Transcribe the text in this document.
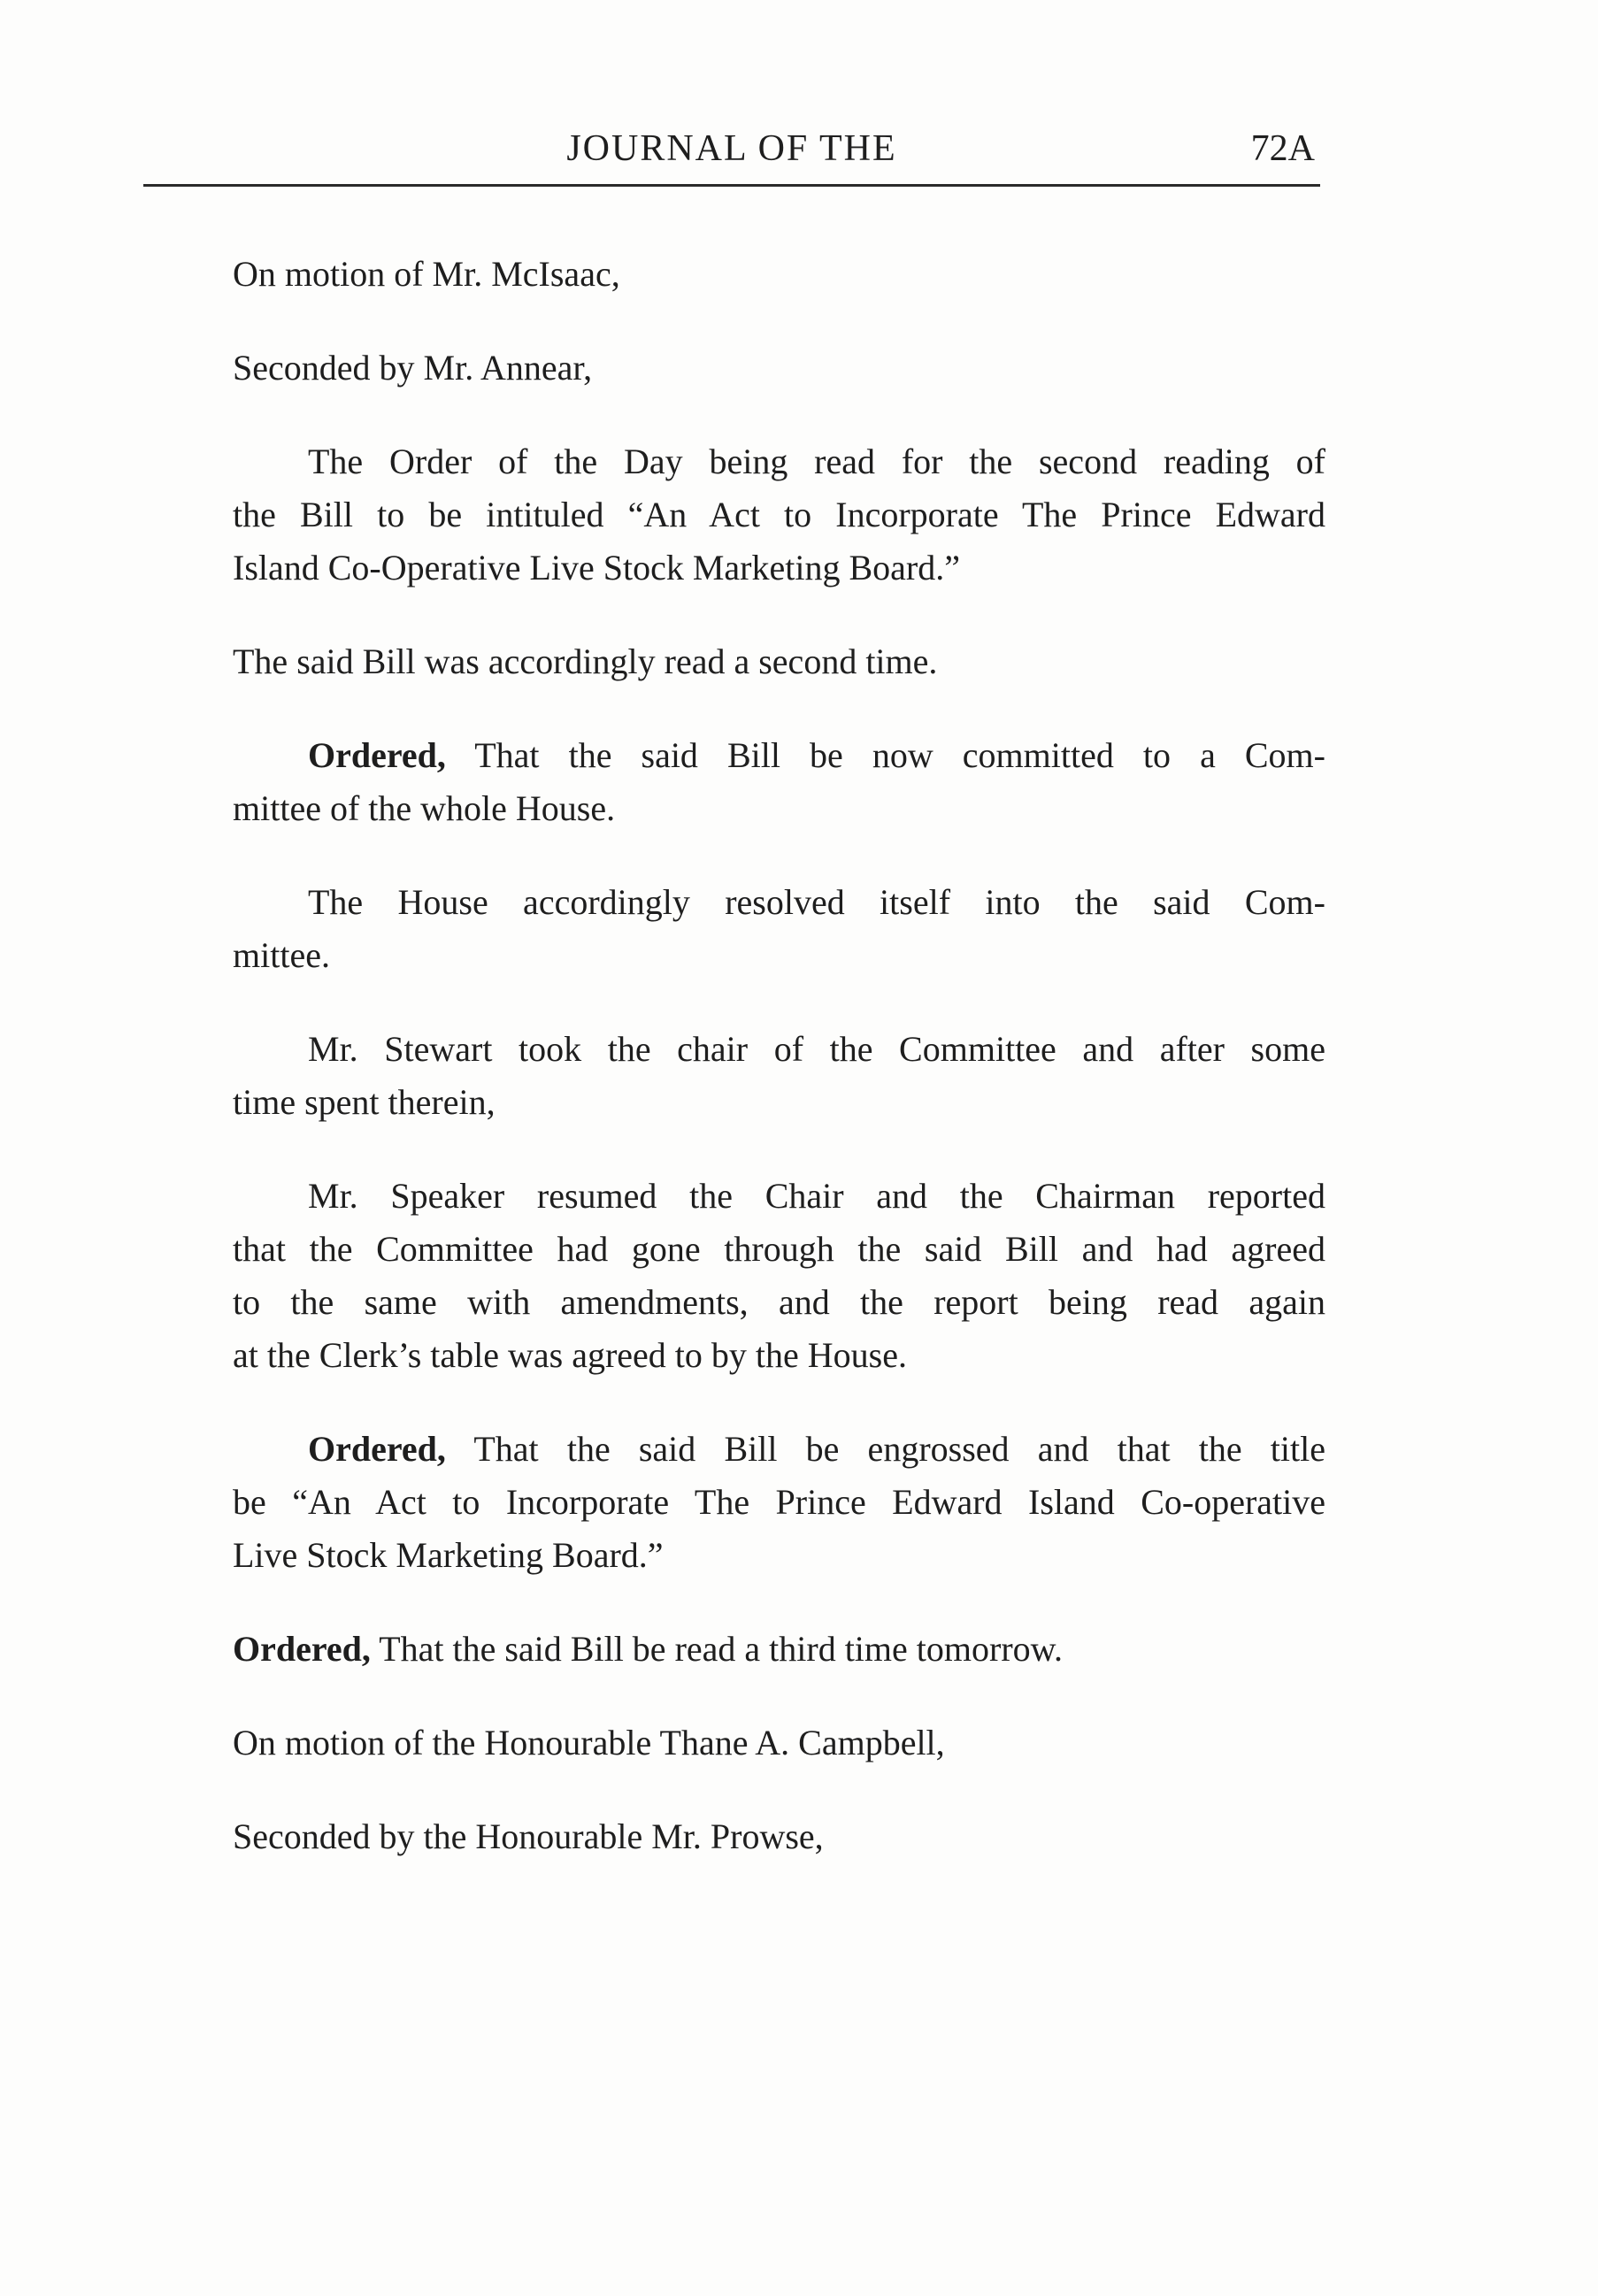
JOURNAL OF THE	72A

On motion of Mr. McIsaac,

Seconded by Mr. Annear,

The Order of the Day being read for the second reading of
the Bill to be intituled “An Act to Incorporate The Prince Edward
Island Co-Operative Live Stock Marketing Board.”

The said Bill was accordingly read a second time.

Ordered, That the said Bill be now committed to a Com-
mittee of the whole House.
The House accordingly resolved itself into the said Com-
mittee.
Mr. Stewart took the chair of the Committee and after some
time spent therein,
Mr. Speaker resumed the Chair and the Chairman reported
that the Committee had gone through the said Bill and had agreed
to the same with amendments, and the report being read again
at the Clerk’s table was agreed to by the House.
Ordered, That the said Bill be engrossed and that the title
be “An Act to Incorporate The Prince Edward Island Co-operative
Live Stock Marketing Board.”

Ordered, That the said Bill be read a third time tomorrow.

On motion of the Honourable Thane A. Campbell,

Seconded by the Honourable Mr. Prowse,
